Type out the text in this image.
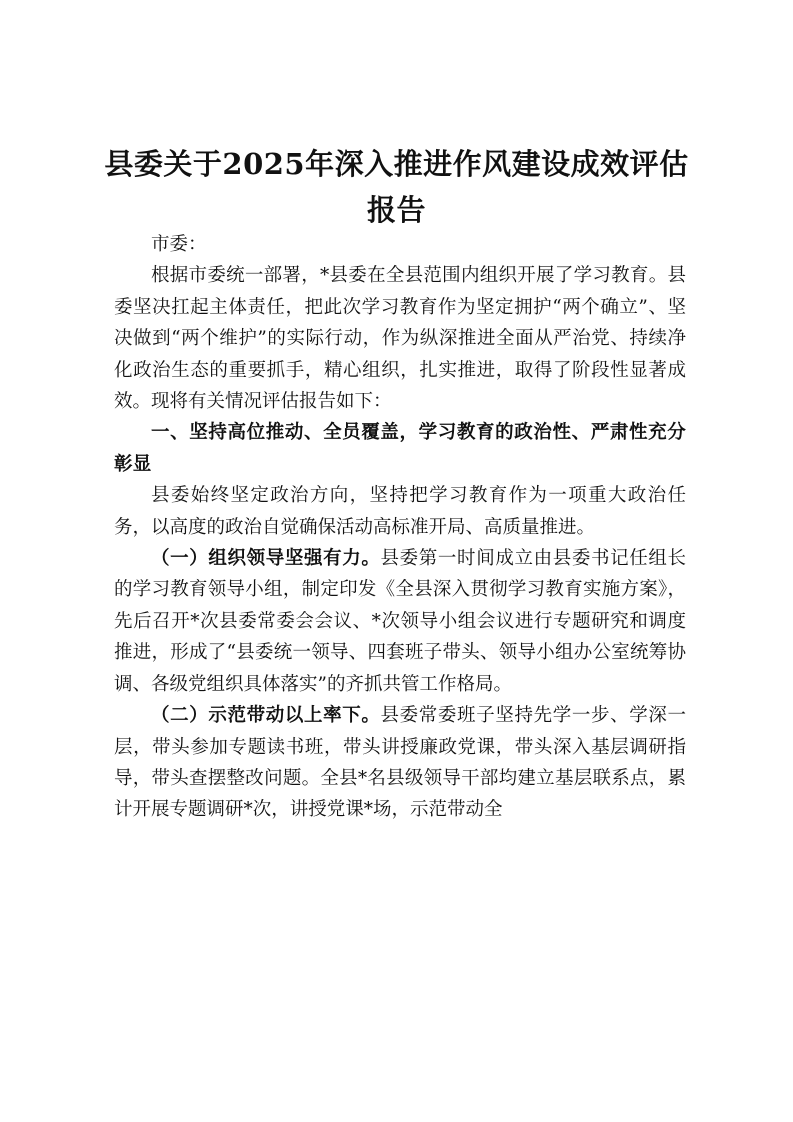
县委关于2025年深入推进作风建设成效评估报告

市委：

根据市委统一部署，*县委在全县范围内组织开展了学习教育。县委坚决扛起主体责任，把此次学习教育作为坚定拥护“两个确立”、坚决做到“两个维护”的实际行动，作为纵深推进全面从严治党、持续净化政治生态的重要抓手，精心组织，扎实推进，取得了阶段性显著成效。现将有关情况评估报告如下：

一、坚持高位推动、全员覆盖，学习教育的政治性、严肃性充分彰显

县委始终坚定政治方向，坚持把学习教育作为一项重大政治任务，以高度的政治自觉确保活动高标准开局、高质量推进。

（一）组织领导坚强有力。县委第一时间成立由县委书记任组长的学习教育领导小组，制定印发《全县深入贯彻学习教育实施方案》，先后召开*次县委常委会会议、*次领导小组会议进行专题研究和调度推进，形成了“县委统一领导、四套班子带头、领导小组办公室统筹协调、各级党组织具体落实”的齐抓共管工作格局。

（二）示范带动以上率下。县委常委班子坚持先学一步、学深一层，带头参加专题读书班，带头讲授廉政党课，带头深入基层调研指导，带头查摆整改问题。全县*名县级领导干部均建立基层联系点，累计开展专题调研*次，讲授党课*场，示范带动全
